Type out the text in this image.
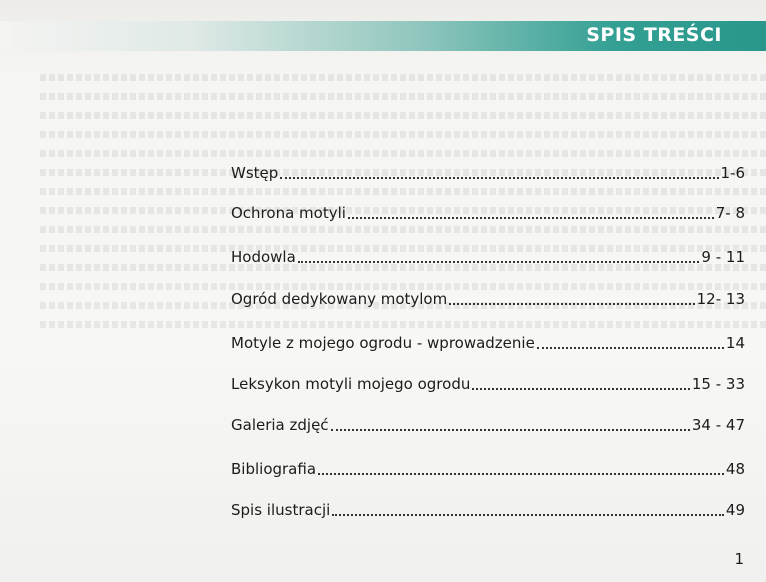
SPIS TREŚCI
Wstęp	1-6
Ochrona motyli	7- 8
Hodowla	9 - 11
Ogród dedykowany motylom	12- 13
Motyle z mojego ogrodu - wprowadzenie	14
Leksykon motyli mojego ogrodu	15 - 33
Galeria zdjęć	34 - 47
Bibliografia	48
Spis ilustracji	49
1
